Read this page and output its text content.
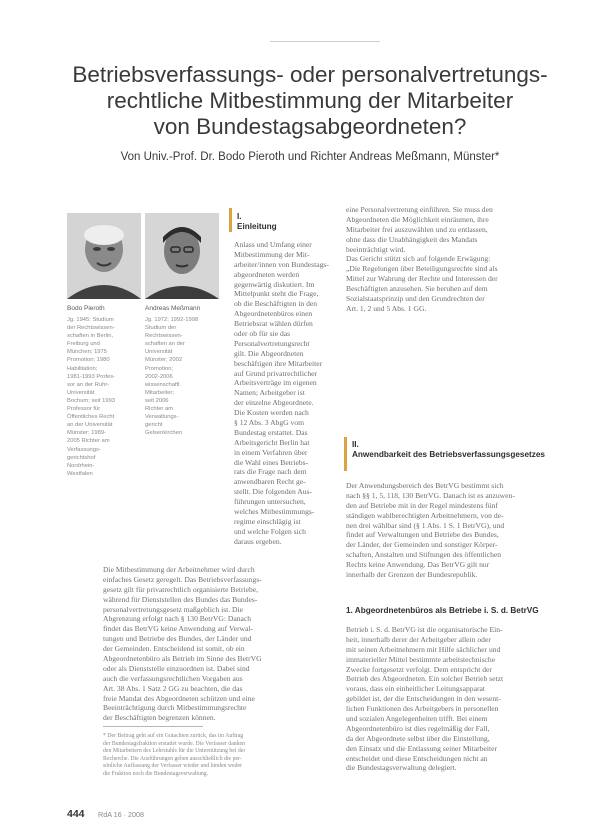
Betriebsverfassungs- oder personalvertretungs-
rechtliche Mitbestimmung der Mitarbeiter
von Bundestagsabgeordneten?
Von Univ.-Prof. Dr. Bodo Pieroth und Richter Andreas Meßmann, Münster*
Bodo Pieroth	Andreas Meßmann
Jg. 1945; Studium
der Rechtswissen-
schaften in Berlin,
Freiburg und
München; 1975
Promotion; 1980
Habilitation;
1981-1993 Profes-
sor an der Ruhr-
Universität
Bochum; seit 1993
Professor für
Öffentliches Recht
an der Universität
Münster; 1989-
2005 Richter am
Verfassungs-
gerichtshof
Nordrhein-
Westfalen
Jg. 1972; 1992-1998
Studium der
Rechtswissen-
schaften an der
Universität
Münster; 2002
Promotion;
2002-2006
wissenschaftl.
Mitarbeiter;
seit 2006
Richter am
Verwaltungs-
gericht
Gelsenkirchen
I.
Einleitung
II.
Anwendbarkeit des Betriebsverfassungsgesetzes
1. Abgeordnetenbüros als Betriebe i. S. d. BetrVG
Anlass und Umfang einer
Mitbestimmung der Mit-
arbeiter/innen von Bundestags-
abgeordneten werden
gegenwärtig diskutiert. Im
Mittelpunkt steht die Frage,
ob die Beschäftigten in den
Abgeordnetenbüros einen
Betriebsrat wählen dürfen
oder ob für sie das
Personalvertretungsrecht
gilt. Die Abgeordneten
beschäftigen ihre Mitarbeiter
auf Grund privatrechtlicher
Arbeitsverträge im eigenen
Namen; Arbeitgeber ist
der einzelne Abgeordnete.
Die Kosten werden nach
§ 12 Abs. 3 AbgG vom
Bundestag erstattet. Das
Arbeitsgericht Berlin hat
in einem Verfahren über
die Wahl eines Betriebs-
rats die Frage nach dem
anwendbaren Recht ge-
stellt. Die folgenden Aus-
führungen untersuchen,
welches Mitbestimmungs-
regime einschlägig ist
und welche Folgen sich
daraus ergeben.
Die Mitbestimmung der Arbeitnehmer wird durch
einfaches Gesetz geregelt. Das Betriebsverfassungs-
gesetz gilt für privatrechtlich organisierte Betriebe,
während für Dienststellen des Bundes das Bundes-
personalvertretungsgesetz maßgeblich ist. Die
Abgrenzung erfolgt nach § 130 BetrVG: Danach
findet das BetrVG keine Anwendung auf Verwal-
tungen und Betriebe des Bundes, der Länder und
der Gemeinden. Entscheidend ist somit, ob ein
Abgeordnetenbüro als Betrieb im Sinne des BetrVG
oder als Dienststelle einzuordnen ist. Dabei sind
auch die verfassungsrechtlichen Vorgaben aus
Art. 38 Abs. 1 Satz 2 GG zu beachten, die das
freie Mandat des Abgeordneten schützen und eine
Beeinträchtigung durch Mitbestimmungsrechte
der Beschäftigten begrenzen können.
eine Personalvertretung einführen. Sie muss den
Abgeordneten die Möglichkeit einräumen, ihre
Mitarbeiter frei auszuwählen und zu entlassen,
ohne dass die Unabhängigkeit des Mandats
beeinträchtigt wird.
Das Gericht stützt sich auf folgende Erwägung:
„Die Regelungen über Beteiligungsrechte sind als
Mittel zur Wahrung der Rechte und Interessen der
Beschäftigten anzusehen. Sie beruhen auf dem
Sozialstaatsprinzip und den Grundrechten der
Art. 1, 2 und 5 Abs. 1 GG.
Der Anwendungsbereich des BetrVG bestimmt sich
nach §§ 1, 5, 118, 130 BetrVG. Danach ist es anzuwen-
den auf Betriebe mit in der Regel mindestens fünf
ständigen wahlberechtigten Arbeitnehmern, von de-
nen drei wählbar sind (§ 1 Abs. 1 S. 1 BetrVG), und
findet auf Verwaltungen und Betriebe des Bundes,
der Länder, der Gemeinden und sonstiger Körper-
schaften, Anstalten und Stiftungen des öffentlichen
Rechts keine Anwendung. Das BetrVG gilt nur
innerhalb der Grenzen der Bundesrepublik.
Betrieb i. S. d. BetrVG ist die organisatorische Ein-
heit, innerhalb derer der Arbeitgeber allein oder
mit seinen Arbeitnehmern mit Hilfe sächlicher und
immaterieller Mittel bestimmte arbeitstechnische
Zwecke fortgesetzt verfolgt. Dem entspricht der
Betrieb des Abgeordneten. Ein solcher Betrieb setzt
voraus, dass ein einheitlicher Leitungsapparat
gebildet ist, der die Entscheidungen in den wesent-
lichen Funktionen des Arbeitgebers in personellen
und sozialen Angelegenheiten trifft. Bei einem
Abgeordnetenbüro ist dies regelmäßig der Fall,
da der Abgeordnete selbst über die Einstellung,
den Einsatz und die Entlassung seiner Mitarbeiter
entscheidet und diese Entscheidungen nicht an
die Bundestagsverwaltung delegiert.
* Der Beitrag geht auf ein Gutachten zurück, das im Auftrag
der Bundestagsfraktion erstattet wurde. Die Verfasser danken
den Mitarbeitern des Lehrstuhls für die Unterstützung bei der
Recherche. Die Ausführungen geben ausschließlich die per-
sönliche Auffassung der Verfasser wieder und binden weder
die Fraktion noch die Bundestagsverwaltung.
444 RdA 16 · 2008
